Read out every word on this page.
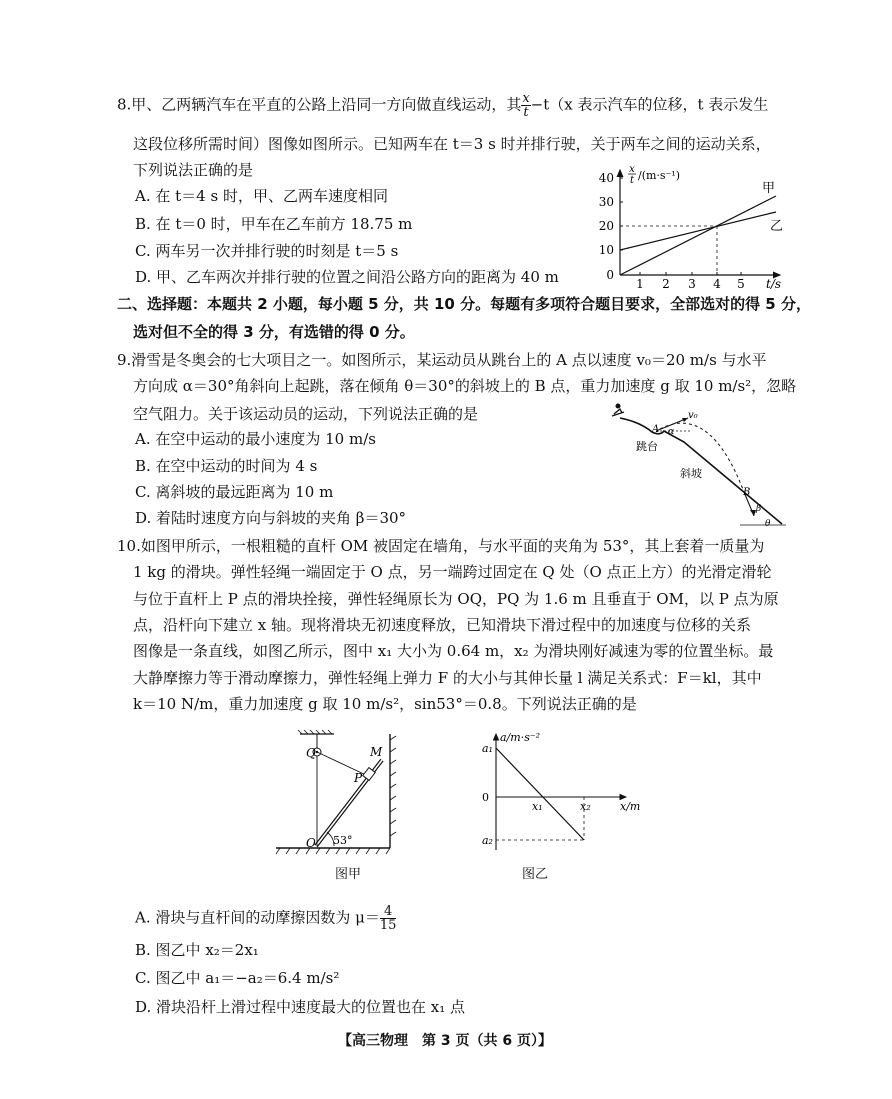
8.甲、乙两辆汽车在平直的公路上沿同一方向做直线运动，其 $\frac{x}{t} -t(x$ 表示汽车的位移，t 表示发生
这段位移所需时间）图像如图所示。已知两车在 t＝3 s 时并排行驶，关于两车之间的运动关系，
下列说法正确的是
A. 在 t＝4 s 时，甲、乙两车速度相同
B. 在 t＝0 时，甲车在乙车前方 18.75 m
C. 两车另一次并排行驶的时刻是 t＝5 s
D. 甲、乙车两次并排行驶的位置之间沿公路方向的距离为 40 m
x
t /(m·s⁻¹)
0
10
20
30
40
1 2 3 4 5 t/s
甲
乙
二、选择题：本题共 2 小题，每小题 5 分，共 10 分。每题有多项符合题目要求，全部选对的得 5 分，
选对但不全的得 3 分，有选错的得 0 分。
9.滑雪是冬奥会的七大项目之一。如图所示，某运动员从跳台上的 A 点以速度 v₀＝20 m/s 与水平
方向成 α＝30°角斜向上起跳，落在倾角 θ＝30°的斜坡上的 B 点，重力加速度 g 取 10 m/s²，忽略
空气阻力。关于该运动员的运动，下列说法正确的是
A. 在空中运动的最小速度为 10 m/s
B. 在空中运动的时间为 4 s
C. 离斜坡的最远距离为 10 m
D. 着陆时速度方向与斜坡的夹角 β＝30°
A
v₀
α
跳台
斜坡
B
β
θ
10.如图甲所示，一根粗糙的直杆 OM 被固定在墙角，与水平面的夹角为 53°，其上套着一质量为
1 kg 的滑块。弹性轻绳一端固定于 O 点，另一端跨过固定在 Q 处（O 点正上方）的光滑定滑轮
与位于直杆上 P 点的滑块拴接，弹性轻绳原长为 OQ，PQ 为 1.6 m 且垂直于 OM，以 P 点为原
点，沿杆向下建立 x 轴。现将滑块无初速度释放，已知滑块下滑过程中的加速度与位移的关系
图像是一条直线，如图乙所示，图中 x₁ 大小为 0.64 m，x₂ 为滑块刚好减速为零的位置坐标。最
大静摩擦力等于滑动摩擦力，弹性轻绳上弹力 F 的大小与其伸长量 l 满足关系式：F＝kl，其中
k＝10 N/m，重力加速度 g 取 10 m/s²，sin53°＝0.8。下列说法正确的是
Q	M
P
O 53°
图甲
a/m·s⁻²
a₁
0
a₂
x₁	x₂	x/m
图乙
A. 滑块与直杆间的动摩擦因数为 $\mu= \frac{4}{15}$
B. 图乙中 x₂＝2x₁
C. 图乙中 a₁＝−a₂＝6.4 m/s²
D. 滑块沿杆上滑过程中速度最大的位置也在 x₁ 点
【高三物理　第 3 页（共 6 页）】
